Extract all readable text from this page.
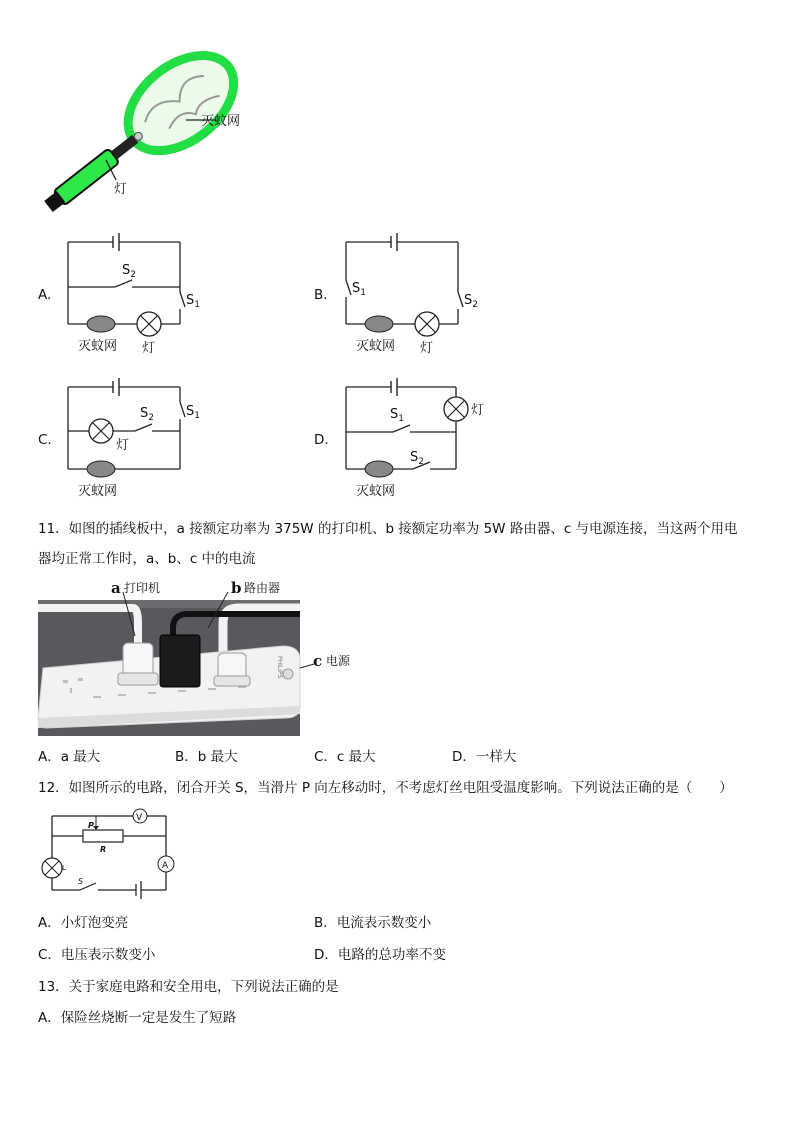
灭蚊网
灯
A.
$S_2$
$S_1$
灭蚊网 灯
B. $S_1$	$S_2$
灭蚊网 灯
C.
$S_2$ $S_1$
灯
灭蚊网
D.
$S_1$
$S_2$
灯
灭蚊网
11．如图的插线板中，a 接额定功率为 375W 的打印机、b 接额定功率为 5W 路由器、c 与电源连接，当这两个用电
器均正常工作时，a、b、c 中的电流
PHILIPS
a 打印机	b 路由器
c 电源
A．a 最大	B．b 最大	C．c 最大	D．一样大
12．如图所示的电路，闭合开关 S，当滑片 P 向左移动时，不考虑灯丝电阻受温度影响。下列说法正确的是（　　）
V
P
R
A
L
S
A．小灯泡变亮	B．电流表示数变小
C．电压表示数变小	D．电路的总功率不变
13．关于家庭电路和安全用电，下列说法正确的是
A．保险丝烧断一定是发生了短路
